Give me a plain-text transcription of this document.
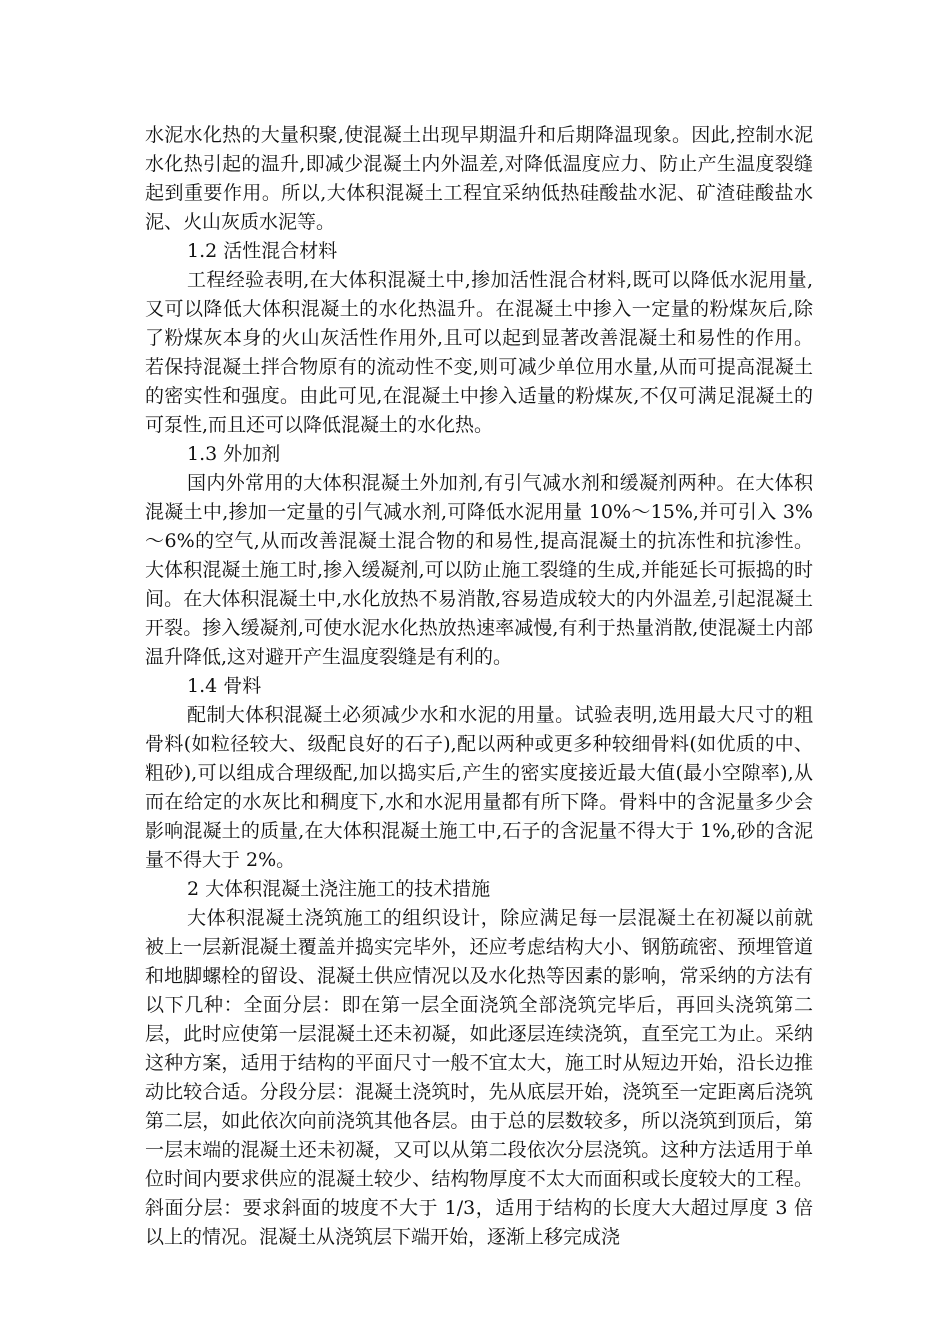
水泥水化热的大量积聚,使混凝土出现早期温升和后期降温现象。因此,控制水泥水化热引起的温升,即减少混凝土内外温差,对降低温度应力、防止产生温度裂缝起到重要作用。所以,大体积混凝土工程宜采纳低热硅酸盐水泥、矿渣硅酸盐水泥、火山灰质水泥等。

1.2 活性混合材料

工程经验表明,在大体积混凝土中,掺加活性混合材料,既可以降低水泥用量,又可以降低大体积混凝土的水化热温升。在混凝土中掺入一定量的粉煤灰后,除了粉煤灰本身的火山灰活性作用外,且可以起到显著改善混凝土和易性的作用。若保持混凝土拌合物原有的流动性不变,则可减少单位用水量,从而可提高混凝土的密实性和强度。由此可见,在混凝土中掺入适量的粉煤灰,不仅可满足混凝土的可泵性,而且还可以降低混凝土的水化热。

1.3 外加剂

国内外常用的大体积混凝土外加剂,有引气减水剂和缓凝剂两种。在大体积混凝土中,掺加一定量的引气减水剂,可降低水泥用量 10%～15%,并可引入 3%～6%的空气,从而改善混凝土混合物的和易性,提高混凝土的抗冻性和抗渗性。大体积混凝土施工时,掺入缓凝剂,可以防止施工裂缝的生成,并能延长可振捣的时间。在大体积混凝土中,水化放热不易消散,容易造成较大的内外温差,引起混凝土开裂。掺入缓凝剂,可使水泥水化热放热速率减慢,有利于热量消散,使混凝土内部温升降低,这对避开产生温度裂缝是有利的。

1.4 骨料

配制大体积混凝土必须减少水和水泥的用量。试验表明,选用最大尺寸的粗骨料(如粒径较大、级配良好的石子),配以两种或更多种较细骨料(如优质的中、粗砂),可以组成合理级配,加以捣实后,产生的密实度接近最大值(最小空隙率),从而在给定的水灰比和稠度下,水和水泥用量都有所下降。骨料中的含泥量多少会影响混凝土的质量,在大体积混凝土施工中,石子的含泥量不得大于 1%,砂的含泥量不得大于 2%。

2 大体积混凝土浇注施工的技术措施

大体积混凝土浇筑施工的组织设计，除应满足每一层混凝土在初凝以前就被上一层新混凝土覆盖并捣实完毕外，还应考虑结构大小、钢筋疏密、预埋管道和地脚螺栓的留设、混凝土供应情况以及水化热等因素的影响，常采纳的方法有以下几种：全面分层：即在第一层全面浇筑全部浇筑完毕后，再回头浇筑第二层，此时应使第一层混凝土还未初凝，如此逐层连续浇筑，直至完工为止。采纳这种方案，适用于结构的平面尺寸一般不宜太大，施工时从短边开始，沿长边推动比较合适。分段分层：混凝土浇筑时，先从底层开始，浇筑至一定距离后浇筑第二层，如此依次向前浇筑其他各层。由于总的层数较多，所以浇筑到顶后，第一层末端的混凝土还未初凝，又可以从第二段依次分层浇筑。这种方法适用于单位时间内要求供应的混凝土较少、结构物厚度不太大而面积或长度较大的工程。斜面分层：要求斜面的坡度不大于 1/3，适用于结构的长度大大超过厚度 3 倍以上的情况。混凝土从浇筑层下端开始，逐渐上移完成浇
